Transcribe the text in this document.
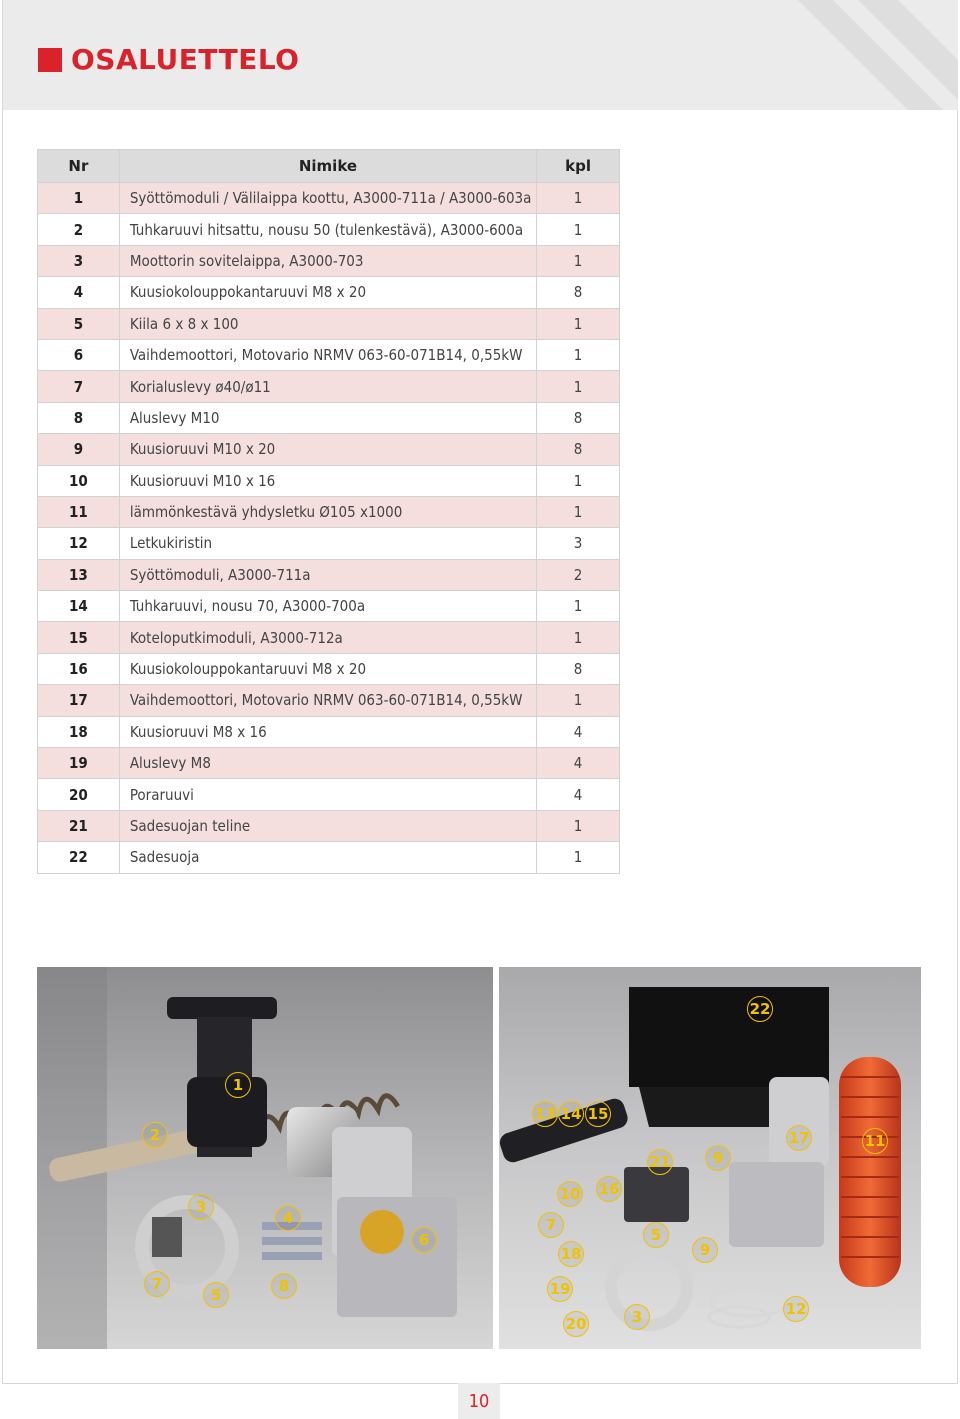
OSALUETTELO
Nr	Nimike	kpl
1	Syöttömoduli / Välilaippa koottu, A3000-711a / A3000-603a	1
2	Tuhkaruuvi hitsattu, nousu 50 (tulenkestävä), A3000-600a	1
3	Moottorin sovitelaippa, A3000-703	1
4	Kuusiokolouppokantaruuvi M8 x 20	8
5	Kiila 6 x 8 x 100	1
6	Vaihdemoottori, Motovario NRMV 063-60-071B14, 0,55kW	1
7	Korialuslevy ø40/ø11	1
8	Aluslevy M10	8
9	Kuusioruuvi M10 x 20	8
10	Kuusioruuvi M10 x 16	1
11	lämmönkestävä yhdysletku Ø105 x1000	1
12	Letkukiristin	3
13	Syöttömoduli, A3000-711a	2
14	Tuhkaruuvi, nousu 70, A3000-700a	1
15	Koteloputkimoduli, A3000-712a	1
16	Kuusiokolouppokantaruuvi M8 x 20	8
17	Vaihdemoottori, Motovario NRMV 063-60-071B14, 0,55kW	1
18	Kuusioruuvi M8 x 16	4
19	Aluslevy M8	4
20	Poraruuvi	4
21	Sadesuojan teline	1
22	Sadesuoja	1
1
2
3
4
5
6
7	8
22
13 14 15
17	11
21	9
16
10
7
5
9
18
19
3	12
20
10
